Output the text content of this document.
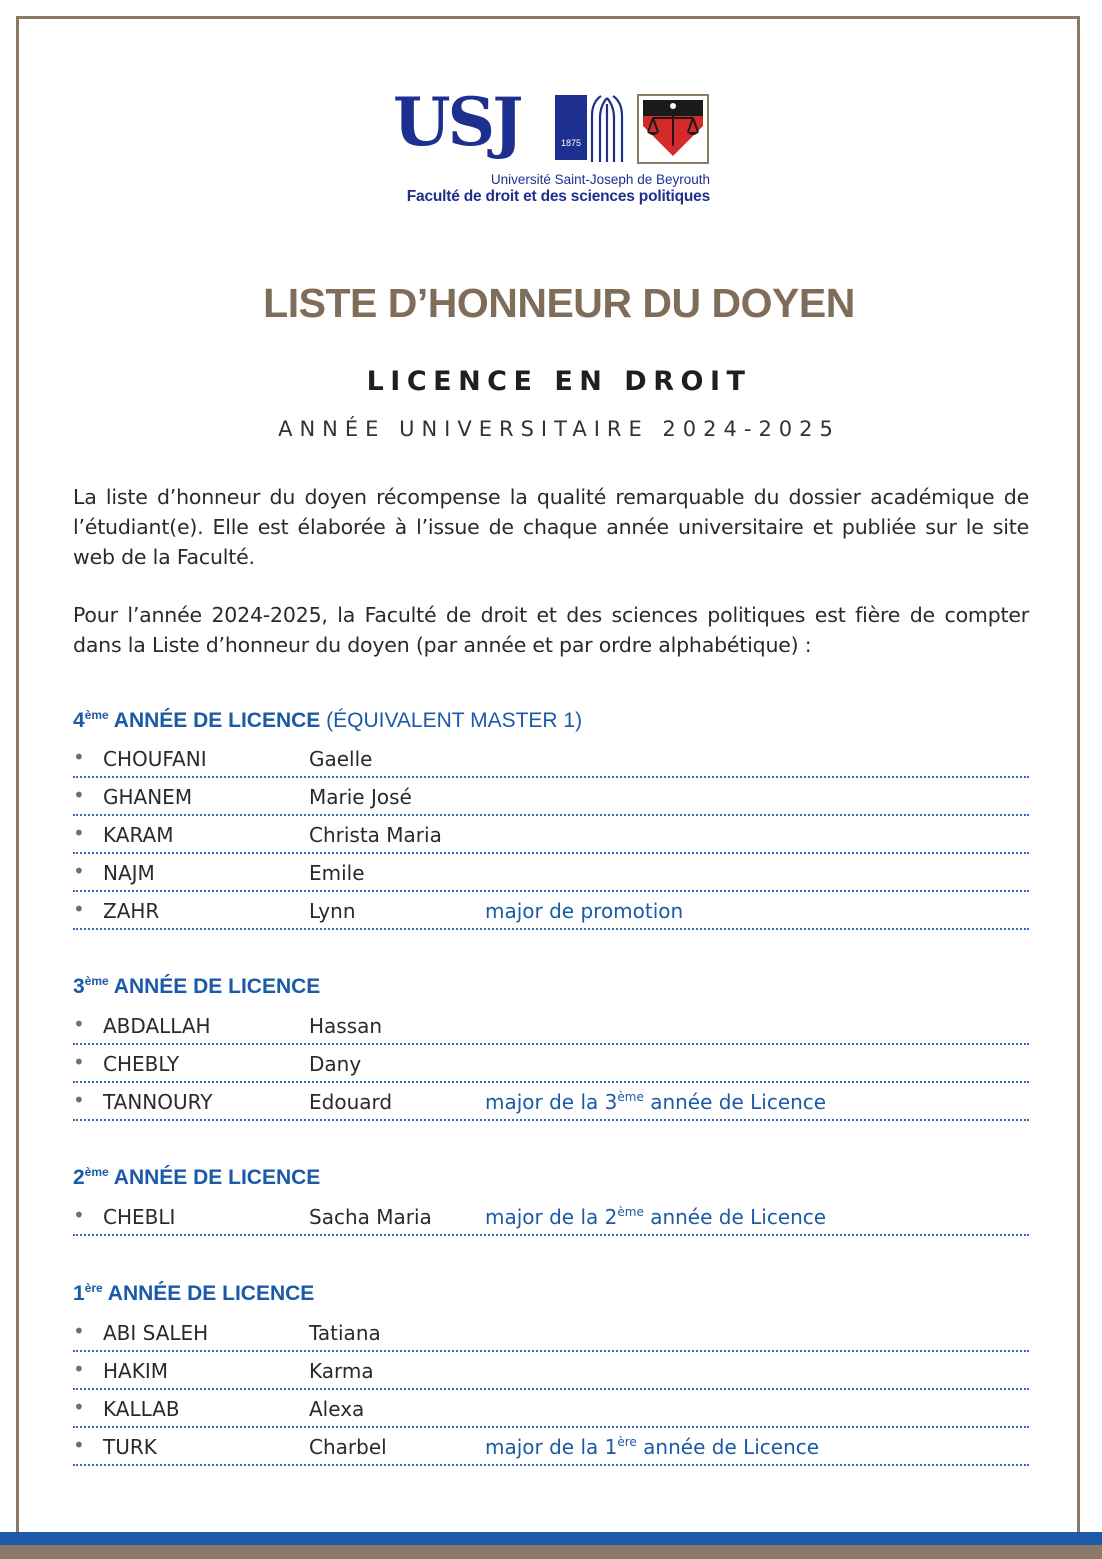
USJ	1875
Université Saint-Joseph de Beyrouth
Faculté de droit et des sciences politiques
LISTE D’HONNEUR DU DOYEN
LICENCE EN DROIT
ANNÉE UNIVERSITAIRE 2024-2025

La liste d’honneur du doyen récompense la qualité remarquable du dossier académique de l’étudiant(e). Elle est élaborée à l’issue de chaque année universitaire et publiée sur le site web de la Faculté.

Pour l’année 2024-2025, la Faculté de droit et des sciences politiques est fière de compter dans la Liste d’honneur du doyen (par année et par ordre alphabétique) :

4ème ANNÉE DE LICENCE (ÉQUIVALENT MASTER 1)
• CHOUFANI	Gaelle
• GHANEM	Marie José
• KARAM	Christa Maria
• NAJM	Emile
• ZAHR	Lynn	major de promotion
3ème ANNÉE DE LICENCE
• ABDALLAH	Hassan
• CHEBLY	Dany
• TANNOURY	Edouard	major de la 3ème année de Licence
2ème ANNÉE DE LICENCE
• CHEBLI	Sacha Maria	major de la 2ème année de Licence
1ère ANNÉE DE LICENCE
• ABI SALEH	Tatiana
• HAKIM	Karma
• KALLAB	Alexa
• TURK	Charbel	major de la 1ère année de Licence
